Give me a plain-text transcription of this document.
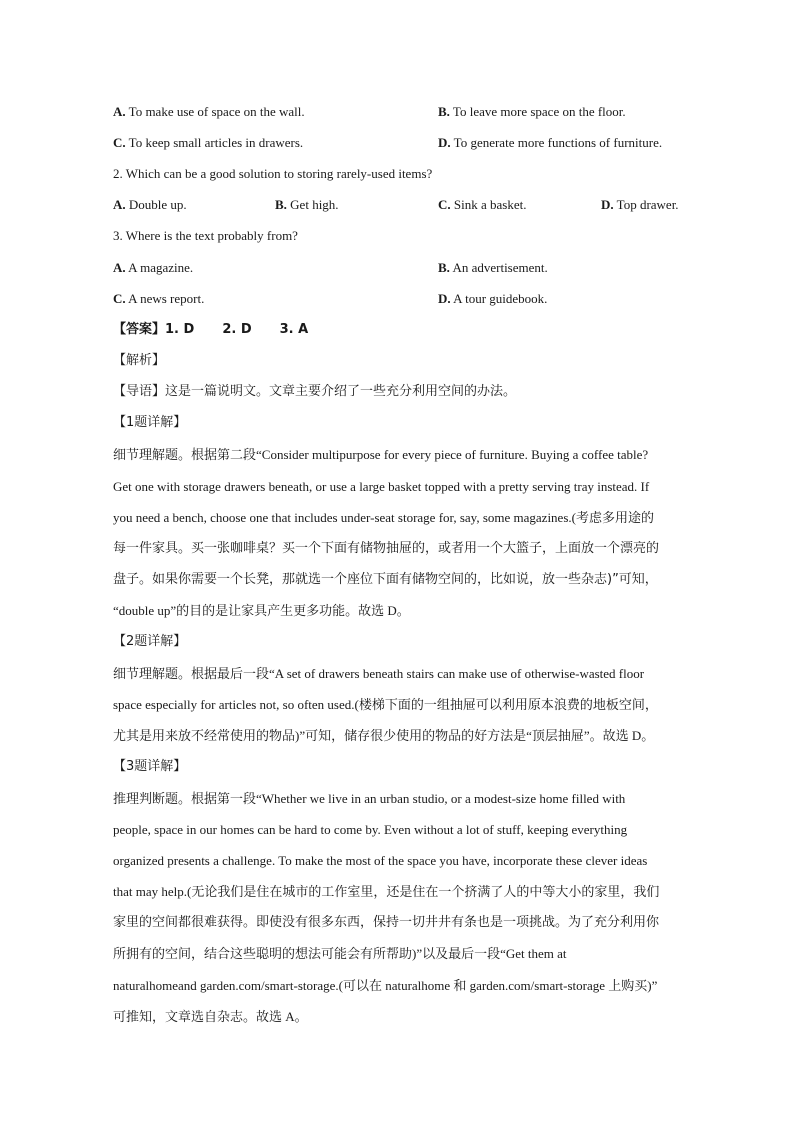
A. To make use of space on the wall.	B. To leave more space on the floor.
C. To keep small articles in drawers.	D. To generate more functions of furniture.
2. Which can be a good solution to storing rarely-used items?
A. Double up.	B. Get high.	C. Sink a basket.	D. Top drawer.
3. Where is the text probably from?
A. A magazine.	B. An advertisement.
C. A news report.	D. A tour guidebook.
【答案】1. D 2. D 3. A
【解析】
【导语】这是一篇说明文。文章主要介绍了一些充分利用空间的办法。
【1题详解】
细节理解题。根据第二段“Consider multipurpose for every piece of furniture. Buying a coffee table?
Get one with storage drawers beneath, or use a large basket topped with a pretty serving tray instead. If
you need a bench, choose one that includes under-seat storage for, say, some magazines.(考虑多用途的
每一件家具。买一张咖啡桌？买一个下面有储物抽屉的，或者用一个大篮子，上面放一个漂亮的
盘子。如果你需要一个长凳，那就选一个座位下面有储物空间的，比如说，放一些杂志)”可知，
“double up”的目的是让家具产生更多功能。故选 D。
【2题详解】
细节理解题。根据最后一段“A set of drawers beneath stairs can make use of otherwise-wasted floor
space especially for articles not, so often used.(楼梯下面的一组抽屉可以利用原本浪费的地板空间，
尤其是用来放不经常使用的物品)”可知，储存很少使用的物品的好方法是“顶层抽屉”。故选 D。
【3题详解】
推理判断题。根据第一段“Whether we live in an urban studio, or a modest-size home filled with
people, space in our homes can be hard to come by. Even without a lot of stuff, keeping everything
organized presents a challenge. To make the most of the space you have, incorporate these clever ideas
that may help.(无论我们是住在城市的工作室里，还是住在一个挤满了人的中等大小的家里，我们
家里的空间都很难获得。即使没有很多东西，保持一切井井有条也是一项挑战。为了充分利用你
所拥有的空间，结合这些聪明的想法可能会有所帮助)”以及最后一段“Get them at
naturalhomeand garden.com/smart-storage.(可以在 naturalhome 和 garden.com/smart-storage 上购买)”
可推知，文章选自杂志。故选 A。
